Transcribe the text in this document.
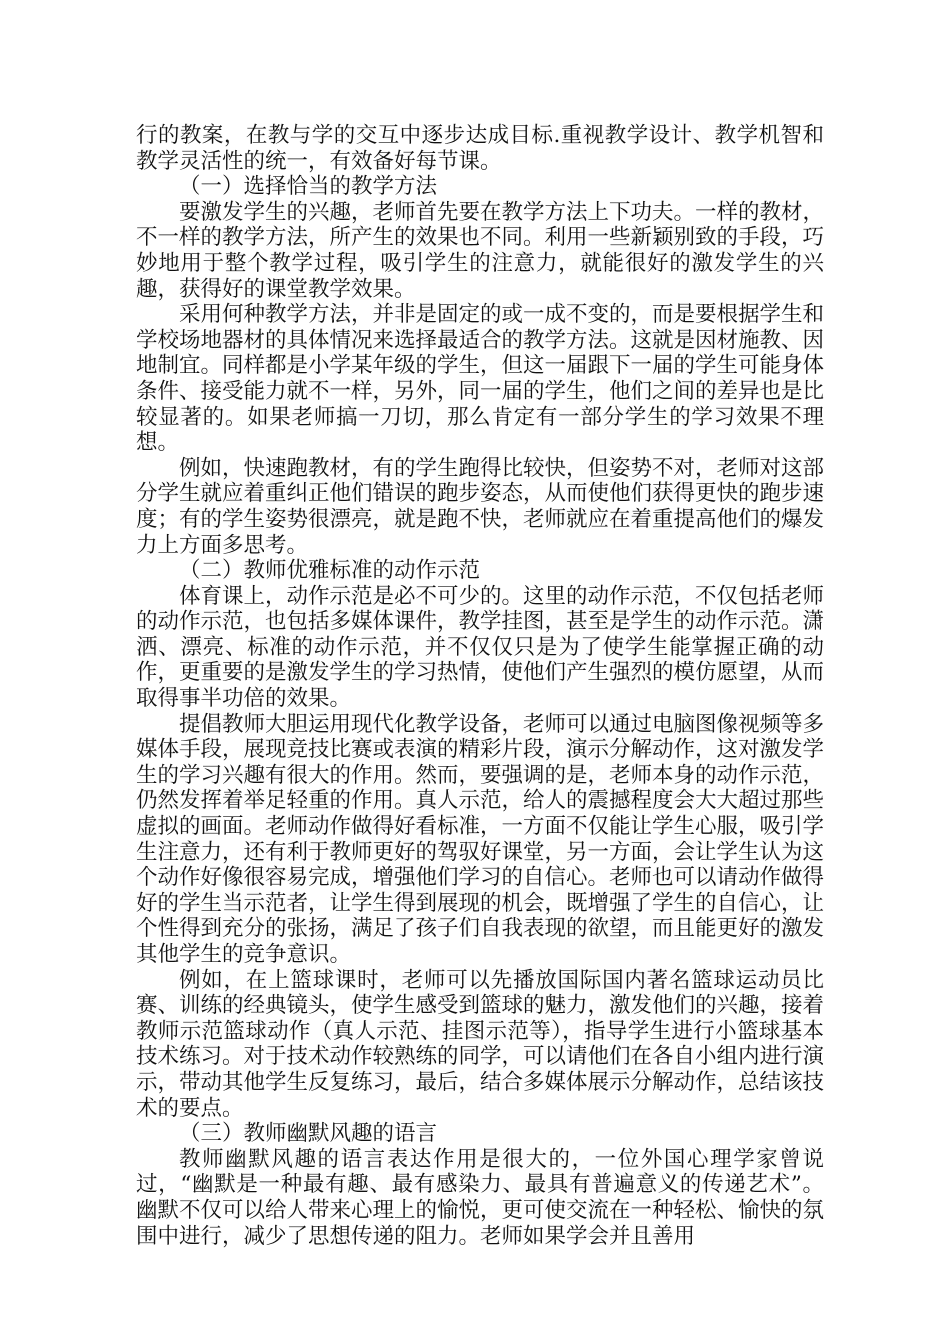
行的教案，在教与学的交互中逐步达成目标.重视教学设计、教学机智和教学灵活性的统一，有效备好每节课。

（一）选择恰当的教学方法

要激发学生的兴趣，老师首先要在教学方法上下功夫。一样的教材，不一样的教学方法，所产生的效果也不同。利用一些新颖别致的手段，巧妙地用于整个教学过程，吸引学生的注意力，就能很好的激发学生的兴趣，获得好的课堂教学效果。

采用何种教学方法，并非是固定的或一成不变的，而是要根据学生和学校场地器材的具体情况来选择最适合的教学方法。这就是因材施教、因地制宜。同样都是小学某年级的学生，但这一届跟下一届的学生可能身体条件、接受能力就不一样，另外，同一届的学生，他们之间的差异也是比较显著的。如果老师搞一刀切，那么肯定有一部分学生的学习效果不理想。

例如，快速跑教材，有的学生跑得比较快，但姿势不对，老师对这部分学生就应着重纠正他们错误的跑步姿态，从而使他们获得更快的跑步速度；有的学生姿势很漂亮，就是跑不快，老师就应在着重提高他们的爆发力上方面多思考。

（二）教师优雅标准的动作示范

体育课上，动作示范是必不可少的。这里的动作示范，不仅包括老师的动作示范，也包括多媒体课件，教学挂图，甚至是学生的动作示范。潇洒、漂亮、标准的动作示范，并不仅仅只是为了使学生能掌握正确的动作，更重要的是激发学生的学习热情，使他们产生强烈的模仿愿望，从而取得事半功倍的效果。

提倡教师大胆运用现代化教学设备，老师可以通过电脑图像视频等多媒体手段，展现竞技比赛或表演的精彩片段，演示分解动作，这对激发学生的学习兴趣有很大的作用。然而，要强调的是，老师本身的动作示范，仍然发挥着举足轻重的作用。真人示范，给人的震撼程度会大大超过那些虚拟的画面。老师动作做得好看标准，一方面不仅能让学生心服，吸引学生注意力，还有利于教师更好的驾驭好课堂，另一方面，会让学生认为这个动作好像很容易完成，增强他们学习的自信心。老师也可以请动作做得好的学生当示范者，让学生得到展现的机会，既增强了学生的自信心，让个性得到充分的张扬，满足了孩子们自我表现的欲望，而且能更好的激发其他学生的竞争意识。

例如，在上篮球课时，老师可以先播放国际国内著名篮球运动员比赛、训练的经典镜头，使学生感受到篮球的魅力，激发他们的兴趣，接着教师示范篮球动作（真人示范、挂图示范等），指导学生进行小篮球基本技术练习。对于技术动作较熟练的同学，可以请他们在各自小组内进行演示，带动其他学生反复练习，最后，结合多媒体展示分解动作，总结该技术的要点。

（三）教师幽默风趣的语言

教师幽默风趣的语言表达作用是很大的，一位外国心理学家曾说过，“幽默是一种最有趣、最有感染力、最具有普遍意义的传递艺术”。幽默不仅可以给人带来心理上的愉悦，更可使交流在一种轻松、愉快的氛围中进行，减少了思想传递的阻力。老师如果学会并且善用
